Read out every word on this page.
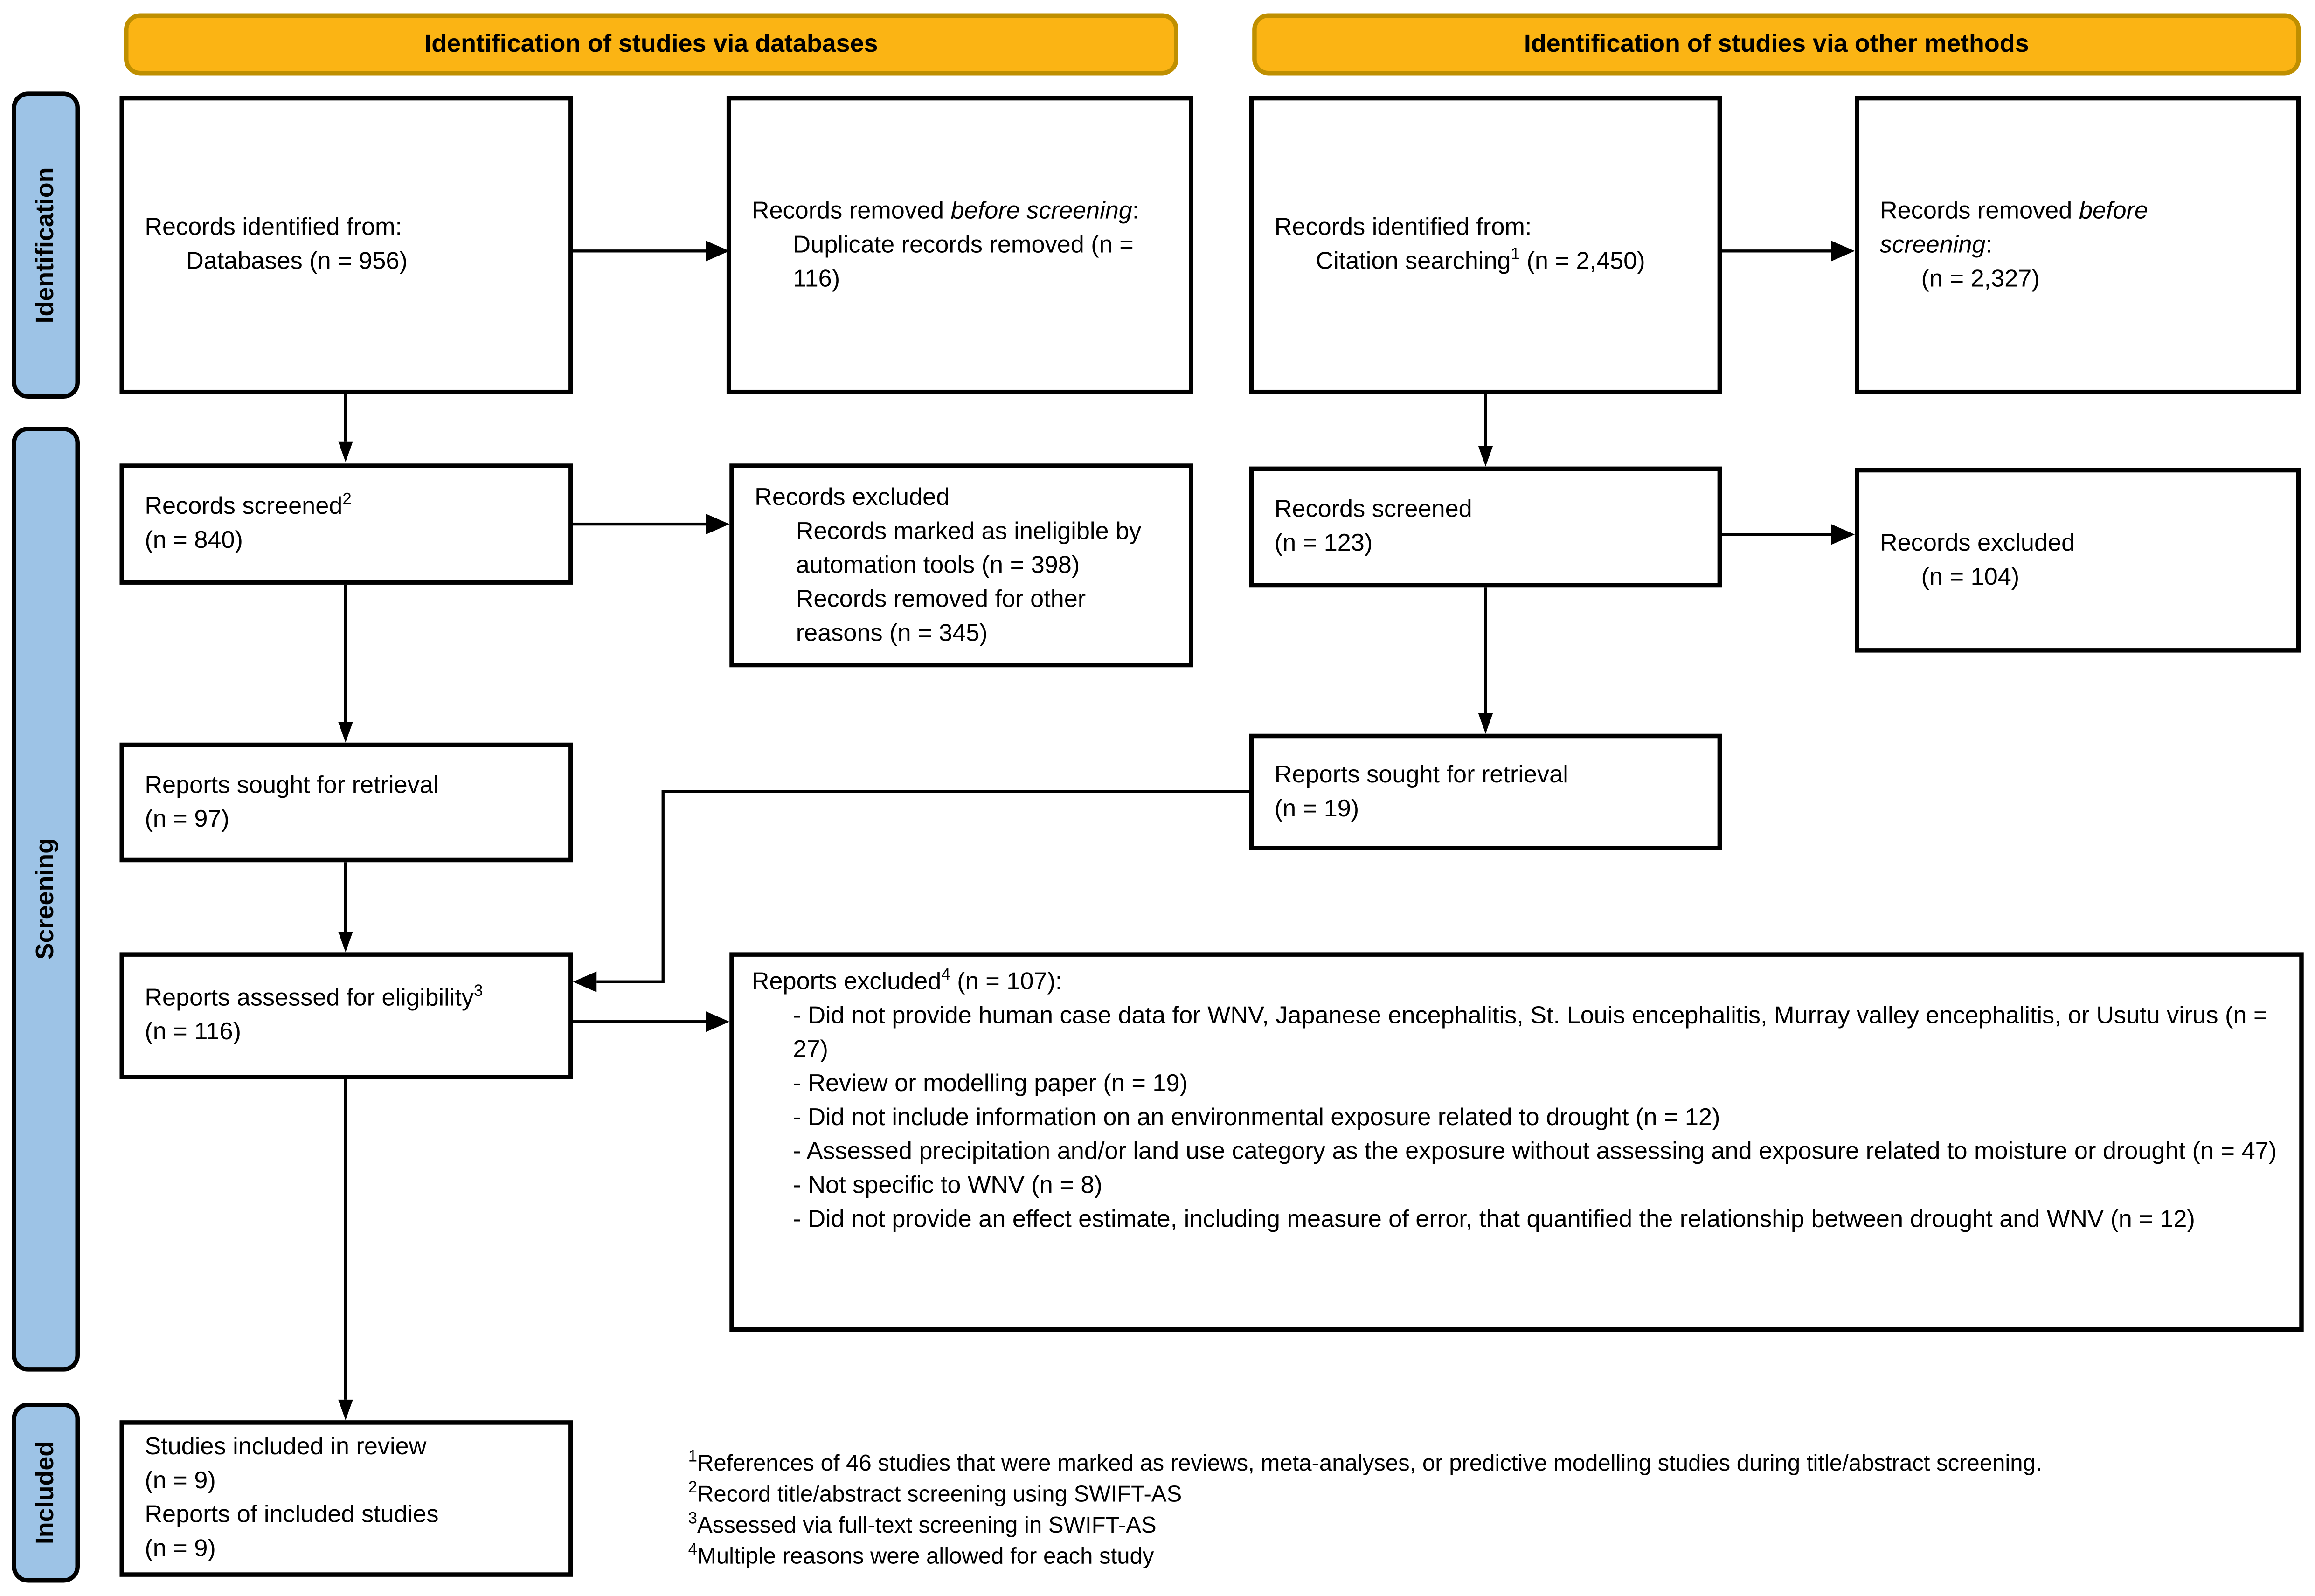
Identification of studies via databases	Identification of studies via other methods
Identification
Screening
Included
Records identified from:
Databases (n = 956)
Records removed before screening:
Duplicate records removed (n = 116)
Records screened$^2$
(n = 840)
Records excluded
Records marked as ineligible by automation tools (n = 398)
Records removed for other reasons (n = 345)
Reports sought for retrieval
(n = 97)
Reports assessed for eligibility$^3$
(n = 116)
Reports excluded$^4$ (n = 107):
- Did not provide human case data for WNV, Japanese encephalitis, St. Louis encephalitis, Murray valley encephalitis, or Usutu virus (n = 27)
- Review or modelling paper (n = 19)
- Did not include information on an environmental exposure related to drought (n = 12)
- Assessed precipitation and/or land use category as the exposure without assessing and exposure related to moisture or drought (n = 47)
- Not specific to WNV (n = 8)
- Did not provide an effect estimate, including measure of error, that quantified the relationship between drought and WNV (n = 12)
Studies included in review
(n = 9)
Reports of included studies
(n = 9)
Records identified from:
Citation searching$^1$ (n = 2,450)
Records removed before screening:
(n = 2,327)
Records screened
(n = 123)	Records excluded
(n = 104)
Reports sought for retrieval
(n = 19)
$^1$References of 46 studies that were marked as reviews, meta-analyses, or predictive modelling studies during title/abstract screening.
$^2$Record title/abstract screening using SWIFT-AS
$^3$Assessed via full-text screening in SWIFT-AS
$^4$Multiple reasons were allowed for each study
